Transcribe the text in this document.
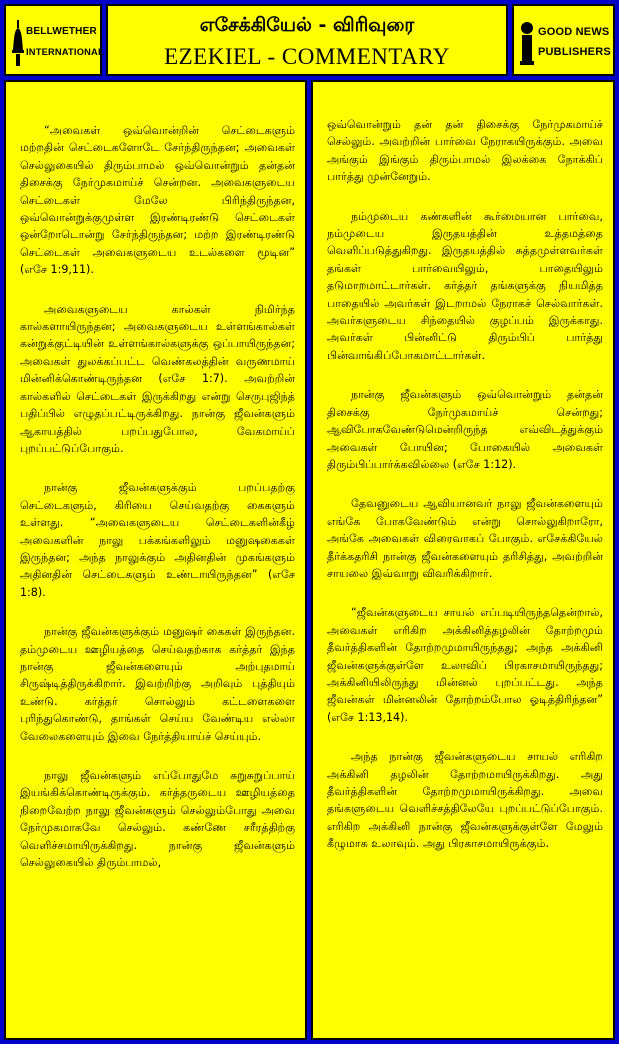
BELLWETHER
INTERNATIONAL
எசேக்கியேல் - விரிவுரை
EZEKIEL - COMMENTARY
GOOD NEWS
PUBLISHERS

“அவைகள் ஒவ்வொன்றின் செட்டைகளும் மற்றதின் செட்டைகளோடே சேர்ந்திருந்தன; அவைகள் செல்லுகையில் திரும்பாமல் ஒவ்வொன்றும் தன்தன் திசைக்கு நேர்முகமாய்ச் சென்றன. அவைகளுடைய செட்டைகள் மேலே பிரிந்திருந்தன, ஒவ்வொன்றுக்குமுள்ள இரண்டிரண்டு செட்டைகள் ஒன்றோடொன்று சேர்ந்திருந்தன; மற்ற இரண்டிரண்டு செட்டைகள் அவைகளுடைய உடல்களை மூடின” (எசே 1:9,11).

அவைகளுடைய கால்கள் நிமிர்ந்த கால்களாயிருந்தன; அவைகளுடைய உள்ளங்கால்கள் கன்றுக்குட்டியின் உள்ளங்கால்களுக்கு ஒப்பாயிருந்தன; அவைகள் துலக்கப்பட்ட வெண்கலத்தின் வருணமாய் மின்னிக்கொண்டிருந்தன (எசே 1:7). அவற்றின் கால்களில் செட்டைகள் இருக்கிறது என்று செருபுஜிந்த் பதிப்பில் எழுதப்பட்டிருக்கிறது. நான்கு ஜீவன்களும் ஆகாயத்தில் பறப்பதுபோல, வேகமாய்ப் புறப்பட்டுப்போகும்.

நான்கு ஜீவன்களுக்கும் பறப்பதற்கு செட்டைகளும், கிரியை செய்வதற்கு கைகளும் உள்ளது. “அவைகளுடைய செட்டைகளின்கீழ் அவைகளின் நாலு பக்கங்களிலும் மனுஷகைகள் இருந்தன; அந்த நாலுக்கும் அதினதின் முகங்களும் அதினதின் செட்டைகளும் உண்டாயிருந்தன” (எசே 1:8).

நான்கு ஜீவன்களுக்கும் மனுஷர் கைகள் இருந்தன. தம்முடைய ஊழியத்தை செய்வதற்காக கர்த்தர் இந்த நான்கு ஜீவன்களையும் அற்புதமாய் சிருஷ்டித்திருக்கிறார். இவற்றிற்கு அறிவும் புத்தியும் உண்டு. கர்த்தர் சொல்லும் கட்டளைகளை புரிந்துகொண்டு, தாங்கள் செய்ய வேண்டிய எல்லா வேலைகளையும் இவை நேர்த்தியாய்ச் செய்யும்.

நாலு ஜீவன்களும் எப்போதுமே சுறுசுறுப்பாய் இயங்கிக்கொண்டிருக்கும். கர்த்தருடைய ஊழியத்தை நிறைவேற்ற நாலு ஜீவன்களும் செல்லும்போது அவை நேர்முகமாகவே செல்லும். கண்ணே சரீரத்திற்கு வெளிச்சமாயிருக்கிறது. நான்கு ஜீவன்களும் செல்லுகையில் திரும்பாமல்,

ஒவ்வொன்றும் தன் தன் திசைக்கு நேர்முகமாய்ச் செல்லும். அவற்றின் பார்வை நேராகயிருக்கும். அவை அங்கும் இங்கும் திரும்பாமல் இலக்கை நோக்கிப் பார்த்து முன்னேறும்.

நம்முடைய கண்களின் கூர்மையான பார்வை, நம்முடைய இருதயத்தின் உத்தமத்தை வெளிப்படுத்துகிறது. இருதயத்தில் சுத்தமுள்ளவர்கள் தங்கள் பார்வையிலும், பாதையிலும் தடுமாறமாட்டார்கள். கர்த்தர் தங்களுக்கு நியமித்த பாதையில் அவர்கள் இடறாமல் நேராகச் செல்வார்கள். அவர்களுடைய சிந்தையில் குழப்பம் இருக்காது. அவர்கள் பின்னிட்டு திரும்பிப் பார்த்து பின்வாங்கிப்போகமாட்டார்கள்.

நான்கு ஜீவன்களும் ஒவ்வொன்றும் தன்தன் திசைக்கு நேர்முகமாய்ச் சென்றது; ஆவிபோகவேண்டுமென்றிருந்த எவ்விடத்துக்கும் அவைகள் போயின; போகையில் அவைகள் திரும்பிப்பார்க்கவில்லை (எசே 1:12).

தேவனுடைய ஆவியானவர் நாலு ஜீவன்களையும் எங்கே போகவேண்டும் என்று சொல்லுகிறாரோ, அங்கே அவைகள் விரைவாகப் போகும். எசேக்கியேல் தீர்க்கதரிசி நான்கு ஜீவன்களையும் தரிசித்து, அவற்றின் சாயலை இவ்வாறு விவரிக்கிறார்.

“ஜீவன்களுடைய சாயல் எப்படியிருந்ததென்றால், அவைகள் எரிகிற அக்கினித்தழலின் தோற்றமும் தீவர்த்திகளின் தோற்றமுமாயிருந்தது; அந்த அக்கினி ஜீவன்களுக்குள்ளே உலாவிப் பிரகாசமாயிருந்தது; அக்கினியிலிருந்து மின்னல் புறப்பட்டது. அந்த ஜீவன்கள் மின்னலின் தோற்றம்போல ஓடித்திரிந்தன” (எசே 1:13,14).

அந்த நான்கு ஜீவன்களுடைய சாயல் எரிகிற அக்கினி தழலின் தோற்றமாயிருக்கிறது. அது தீவர்த்திகளின் தோற்றமுமாயிருக்கிறது. அவை தங்களுடைய வெளிச்சத்திலேயே புறப்பட்டுப்போகும். எரிகிற அக்கினி நான்கு ஜீவன்களுக்குள்ளே மேலும் கீழுமாக உலாவும். அது பிரகாசமாயிருக்கும்.
